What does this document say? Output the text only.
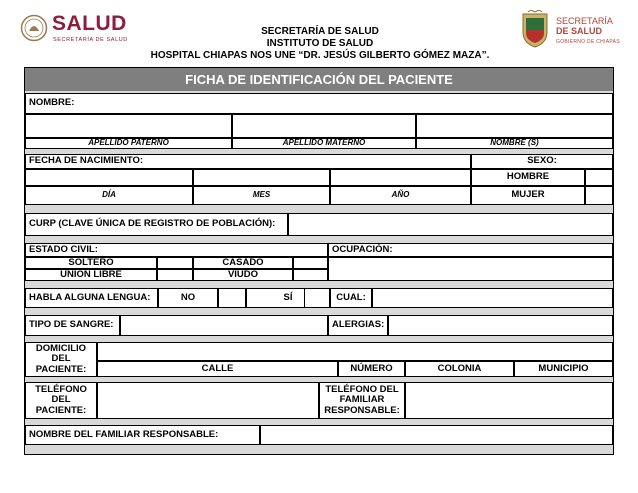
SALUD
SECRETARÍA DE SALUD
SECRETARÍA DE SALUD
INSTITUTO DE SALUD
HOSPITAL CHIAPAS NOS UNE “DR. JESÚS GILBERTO GÓMEZ MAZA”.
SECRETARÍA
DE SALUD
GOBIERNO DE CHIAPAS
FICHA DE IDENTIFICACIÓN DEL PACIENTE
NOMBRE:
APELLIDO PATERNO	APELLIDO MATERNO	NOMBRE (S)
FECHA DE NACIMIENTO:	SEXO:
HOMBRE
DÍA	MES	AÑO	MUJER
CURP (CLAVE ÚNICA DE REGISTRO DE POBLACIÓN):
ESTADO CIVIL:	OCUPACIÓN:
SOLTERO	CASADO
UNIÓN LIBRE	VIUDO
HABLA ALGUNA LENGUA:	NO	SÍ	CUAL:
TIPO DE SANGRE:	ALERGIAS:
DOMICILIO DEL PACIENTE:	CALLE	NÚMERO	COLONIA	MUNICIPIO
TELÉFONO DEL PACIENTE:
TELÉFONO DEL FAMILIAR RESPONSABLE:
NOMBRE DEL FAMILIAR RESPONSABLE:
